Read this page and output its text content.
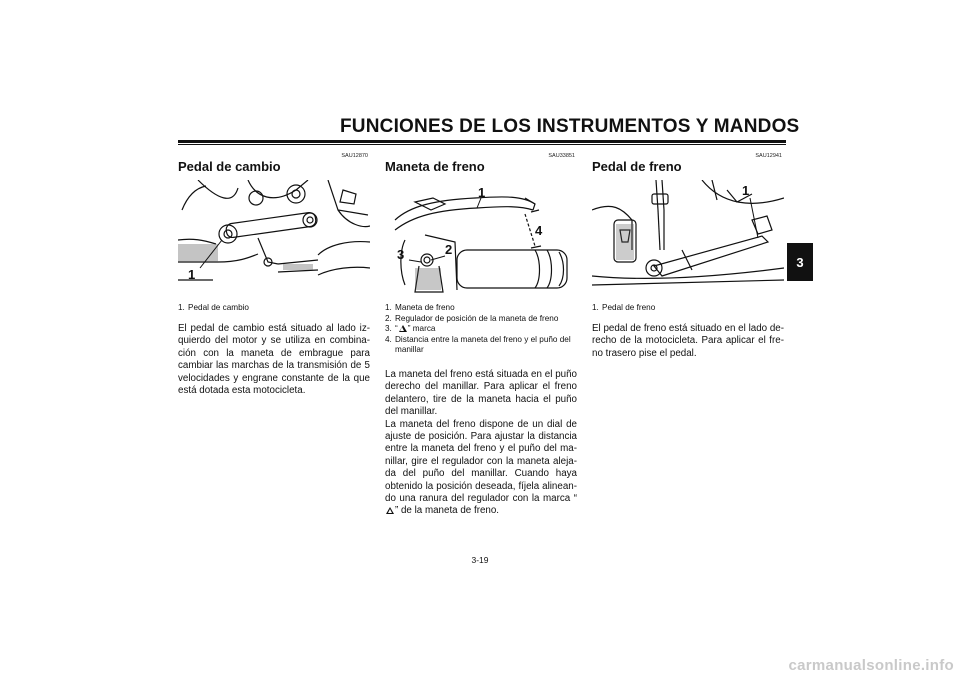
FUNCIONES DE LOS INSTRUMENTOS Y MANDOS
3
SAU12870
Pedal de cambio
1
1. Pedal de cambio

El pedal de cambio está situado al lado iz- quierdo del motor y se utiliza en combina- ción con la maneta de embrague para cambiar las marchas de la transmisión de 5 velocidades y engrane constante de la que está dotada esta motocicleta.

SAU33851
Maneta de freno
1
2
3
4
1. Maneta de freno
2. Regulador de posición de la maneta de freno
3. “ ” marca
4. Distancia entre la maneta del freno y el puño del manillar

La maneta del freno está situada en el puño derecho del manillar. Para aplicar el freno delantero, tire de la maneta hacia el puño del manillar.

La maneta del freno dispone de un dial de ajuste de posición. Para ajustar la distancia entre la maneta del freno y el puño del ma- nillar, gire el regulador con la maneta aleja- da del puño del manillar. Cuando haya obtenido la posición deseada, fíjela alinean- do una ranura del regulador con la marca “” de la maneta de freno.

SAU12941
Pedal de freno
1
1. Pedal de freno

El pedal de freno está situado en el lado de- recho de la motocicleta. Para aplicar el fre- no trasero pise el pedal.

3-19
carmanualsonline.info
